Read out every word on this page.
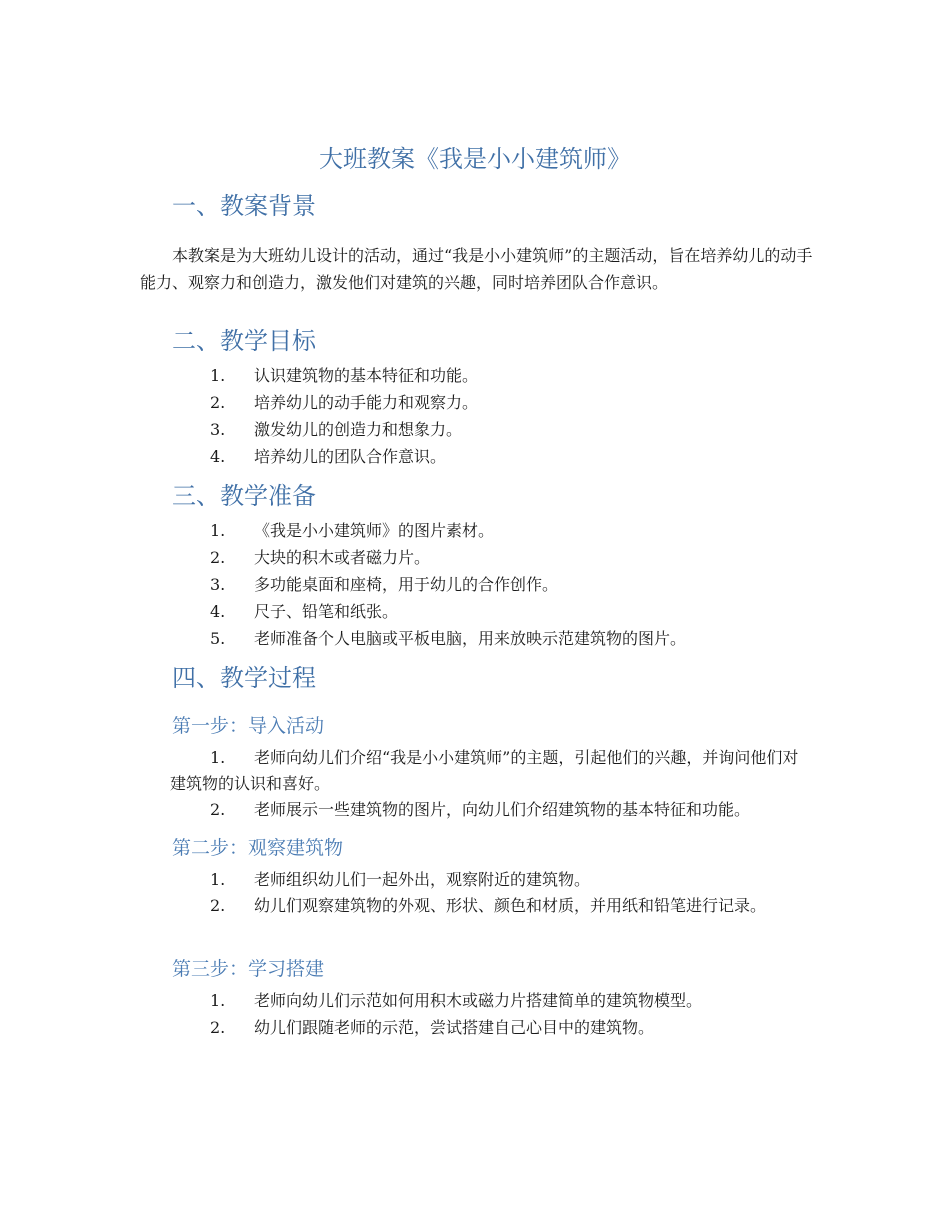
大班教案《我是小小建筑师》
一、教案背景
本教案是为大班幼儿设计的活动，通过“我是小小建筑师”的主题活动，旨在培养幼儿的动手能力、观察力和创造力，激发他们对建筑的兴趣，同时培养团队合作意识。
二、教学目标
1. 认识建筑物的基本特征和功能。
2. 培养幼儿的动手能力和观察力。
3. 激发幼儿的创造力和想象力。
4. 培养幼儿的团队合作意识。
三、教学准备
1. 《我是小小建筑师》的图片素材。
2. 大块的积木或者磁力片。
3. 多功能桌面和座椅，用于幼儿的合作创作。
4. 尺子、铅笔和纸张。
5. 老师准备个人电脑或平板电脑，用来放映示范建筑物的图片。
四、教学过程
第一步：导入活动
1. 老师向幼儿们介绍“我是小小建筑师”的主题，引起他们的兴趣，并询问他们对建筑物的认识和喜好。
2. 老师展示一些建筑物的图片，向幼儿们介绍建筑物的基本特征和功能。
第二步：观察建筑物
1. 老师组织幼儿们一起外出，观察附近的建筑物。
2. 幼儿们观察建筑物的外观、形状、颜色和材质，并用纸和铅笔进行记录。
第三步：学习搭建
1. 老师向幼儿们示范如何用积木或磁力片搭建简单的建筑物模型。
2. 幼儿们跟随老师的示范，尝试搭建自己心目中的建筑物。
